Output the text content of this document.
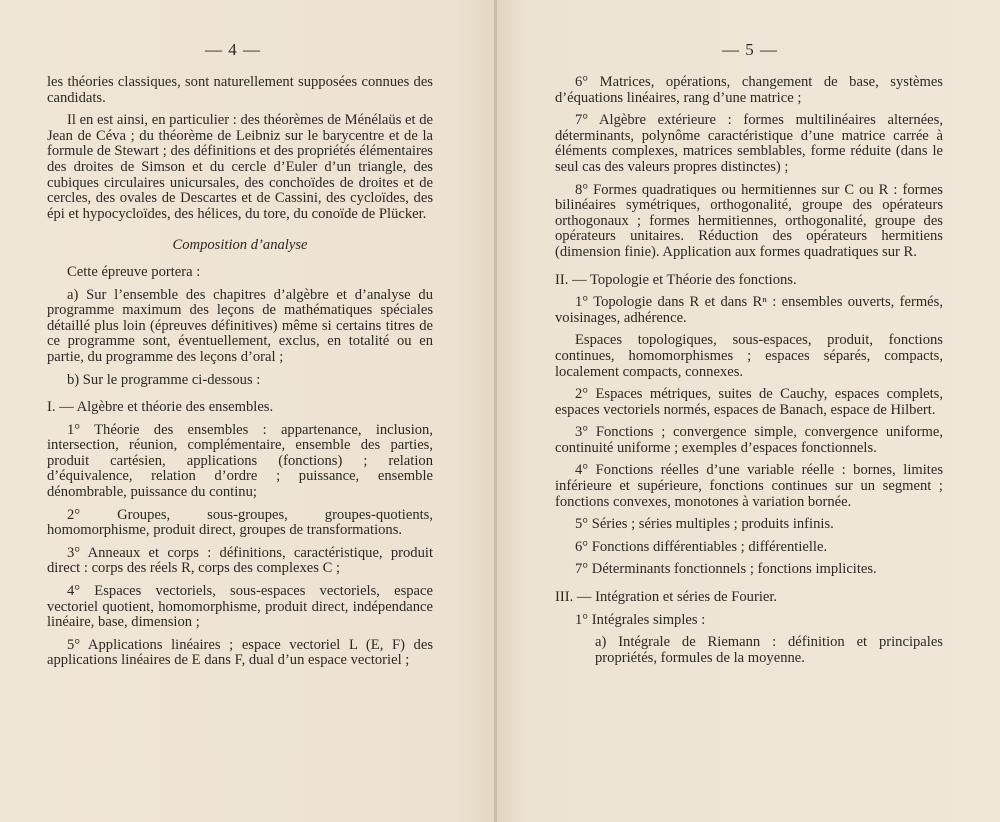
— 4 —

les théories classiques, sont naturellement supposées connues des candidats.

Il en est ainsi, en particulier : des théorèmes de Ménélaüs et de Jean de Céva ; du théorème de Leibniz sur le barycentre et de la formule de Stewart ; des définitions et des propriétés élémentaires des droites de Simson et du cercle d’Euler d’un triangle, des cubiques circulaires unicursales, des conchoïdes de droites et de cercles, des ovales de Descartes et de Cassini, des cycloïdes, des épi et hypocycloïdes, des hélices, du tore, du conoïde de Plücker.

Composition d’analyse

Cette épreuve portera :

a) Sur l’ensemble des chapitres d’algèbre et d’analyse du programme maximum des leçons de mathématiques spéciales détaillé plus loin (épreuves définitives) même si certains titres de ce programme sont, éventuellement, exclus, en totalité ou en partie, du programme des leçons d’oral ;

b) Sur le programme ci-dessous :

I. — Algèbre et théorie des ensembles.

1° Théorie des ensembles : appartenance, inclusion, intersection, réunion, complémentaire, ensemble des parties, produit cartésien, applications (fonctions) ; relation d’équivalence, relation d’ordre ; puissance, ensemble dénombrable, puissance du continu;

2° Groupes, sous-groupes, groupes-quotients, homomorphisme, produit direct, groupes de transformations.

3° Anneaux et corps : définitions, caractéristique, produit direct : corps des réels R, corps des complexes C ;

4° Espaces vectoriels, sous-espaces vectoriels, espace vectoriel quotient, homomorphisme, produit direct, indépendance linéaire, base, dimension ;

5° Applications linéaires ; espace vectoriel L (E, F) des applications linéaires de E dans F, dual d’un espace vectoriel ;

— 5 —

6° Matrices, opérations, changement de base, systèmes d’équations linéaires, rang d’une matrice ;

7° Algèbre extérieure : formes multilinéaires alternées, déterminants, polynôme caractéristique d’une matrice carrée à éléments complexes, matrices semblables, forme réduite (dans le seul cas des valeurs propres distinctes) ;

8° Formes quadratiques ou hermitiennes sur C ou R : formes bilinéaires symétriques, orthogonalité, groupe des opérateurs orthogonaux ; formes hermitiennes, orthogonalité, groupe des opérateurs unitaires. Réduction des opérateurs hermitiens (dimension finie). Application aux formes quadratiques sur R.

II. — Topologie et Théorie des fonctions.

1° Topologie dans R et dans Rⁿ : ensembles ouverts, fermés, voisinages, adhérence.

Espaces topologiques, sous-espaces, produit, fonctions continues, homomorphismes ; espaces séparés, compacts, localement compacts, connexes.

2° Espaces métriques, suites de Cauchy, espaces complets, espaces vectoriels normés, espaces de Banach, espace de Hilbert.

3° Fonctions ; convergence simple, convergence uniforme, continuité uniforme ; exemples d’espaces fonctionnels.

4° Fonctions réelles d’une variable réelle : bornes, limites inférieure et supérieure, fonctions continues sur un segment ; fonctions convexes, monotones à variation bornée.

5° Séries ; séries multiples ; produits infinis.

6° Fonctions différentiables ; différentielle.

7° Déterminants fonctionnels ; fonctions implicites.

III. — Intégration et séries de Fourier.

1° Intégrales simples :

a) Intégrale de Riemann : définition et principales propriétés, formules de la moyenne.
